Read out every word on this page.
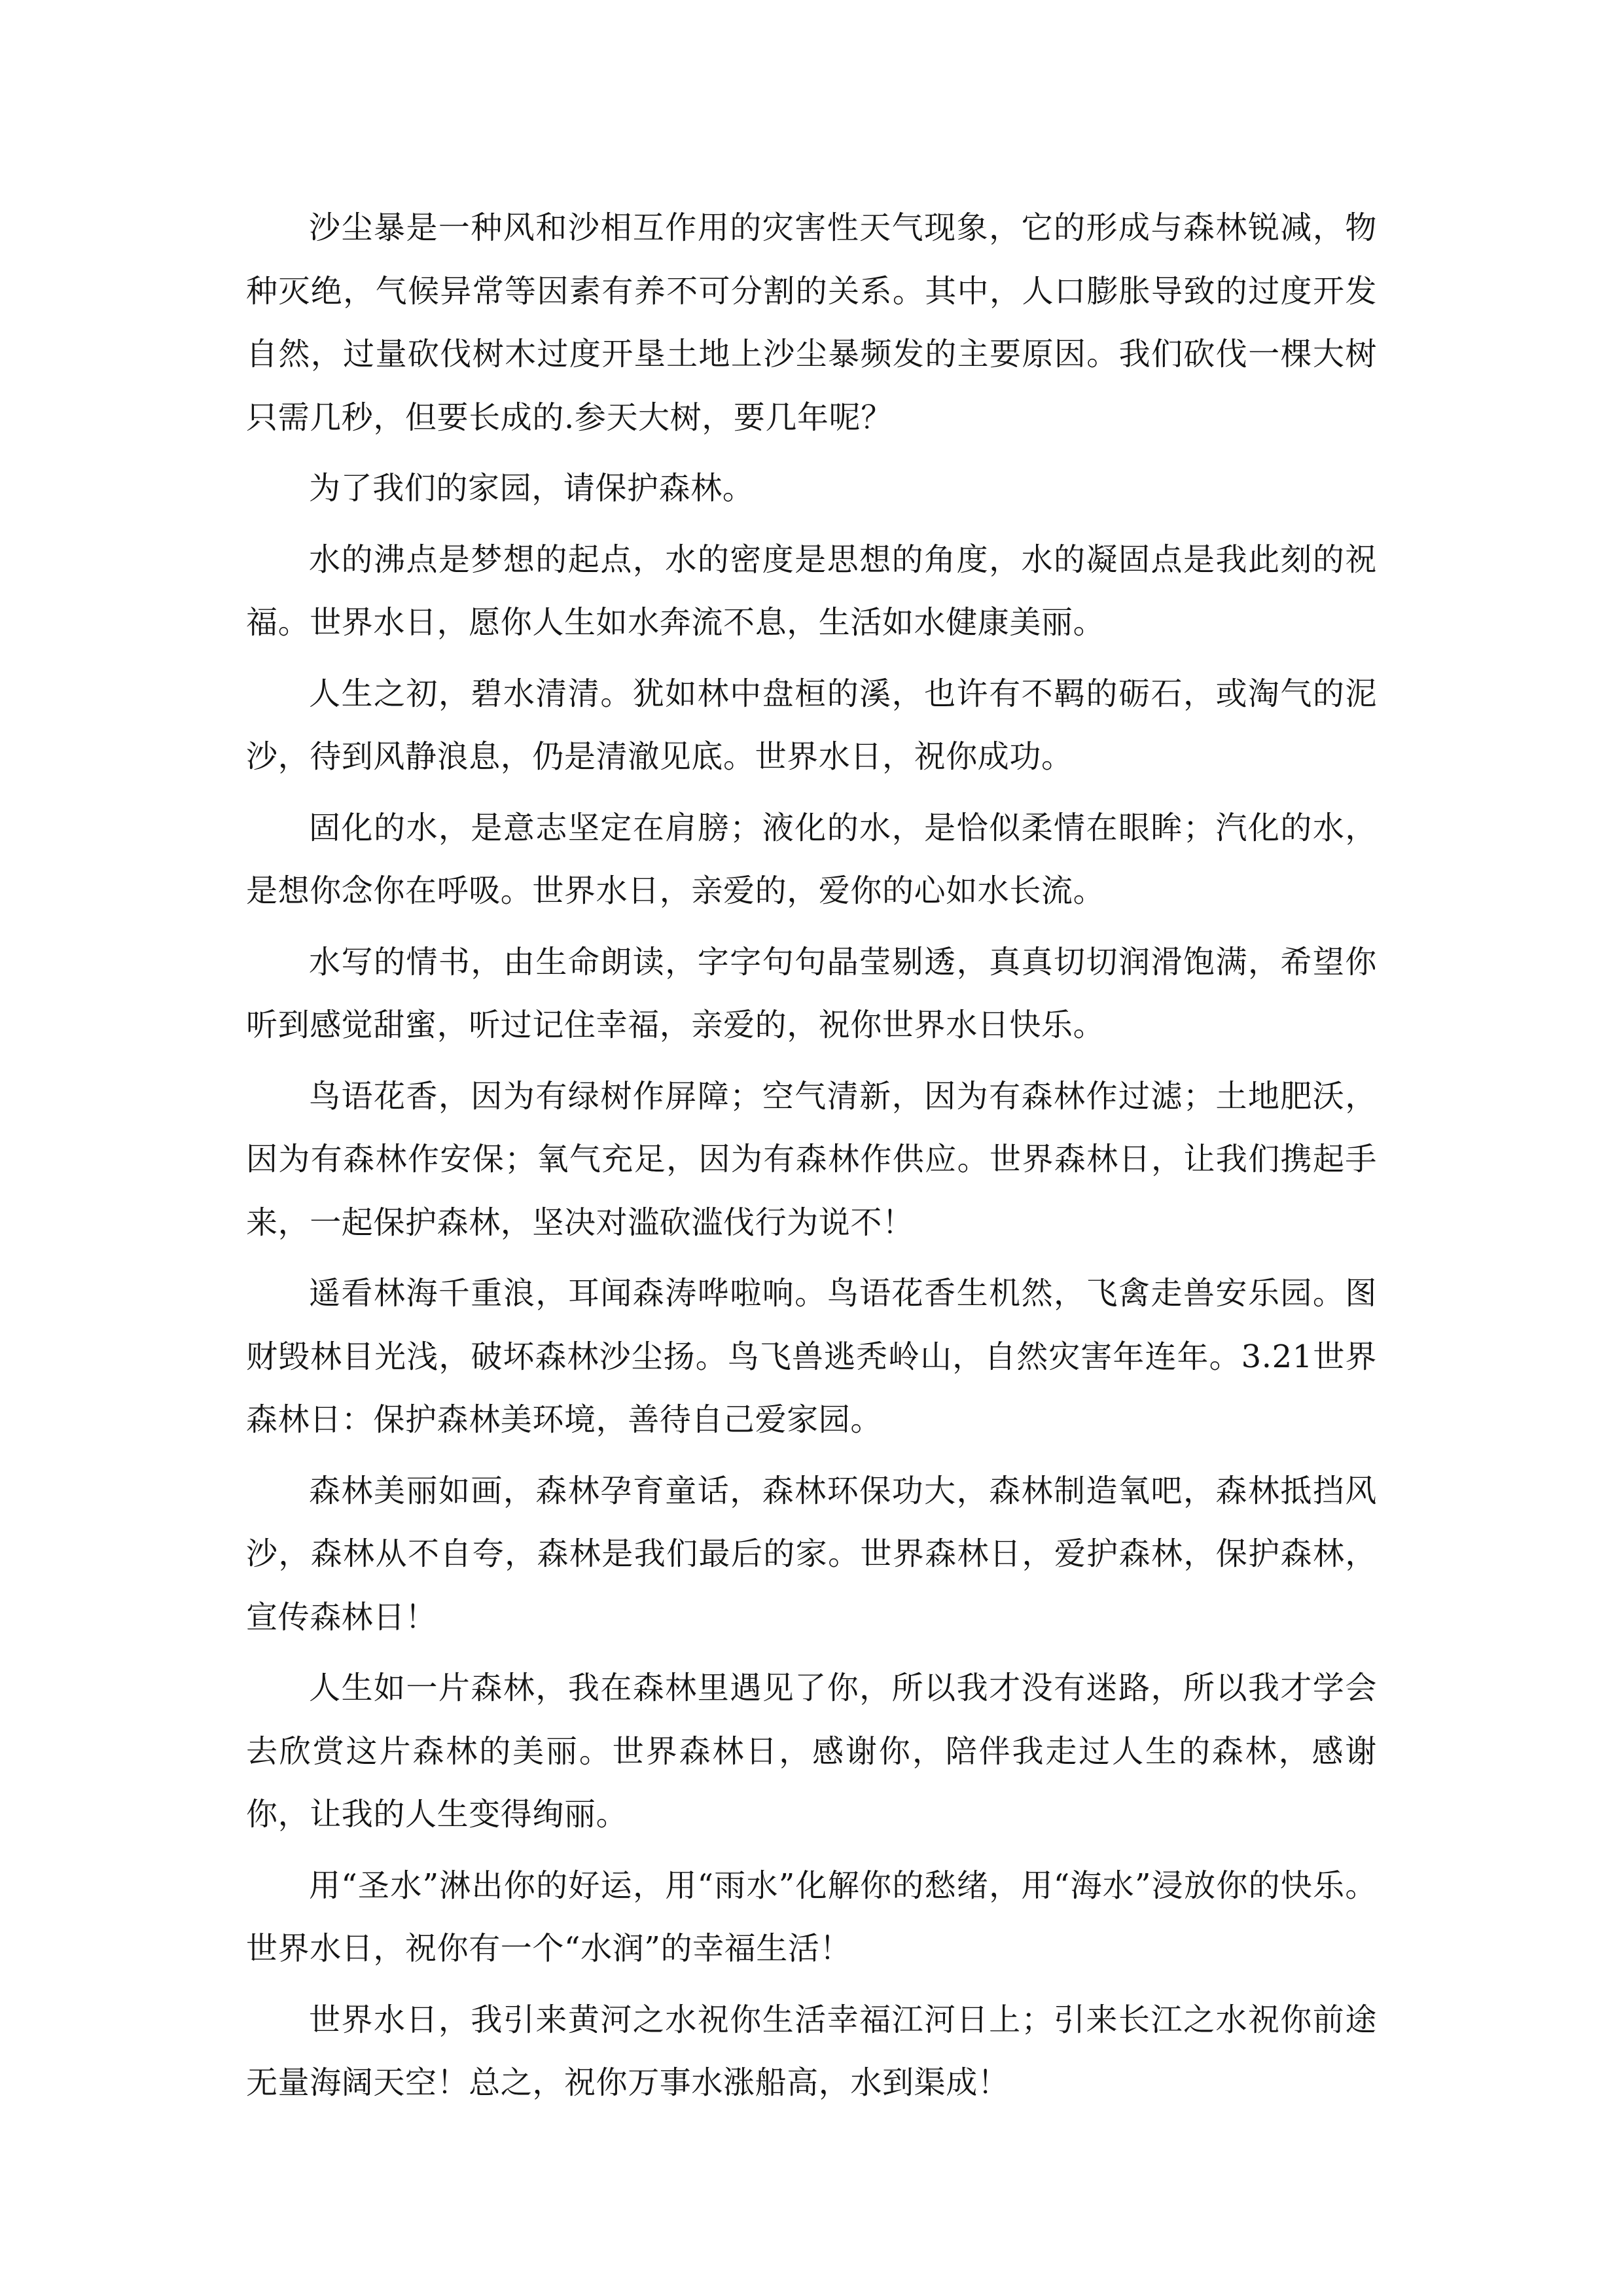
沙尘暴是一种风和沙相互作用的灾害性天气现象，它的形成与森林锐减，物种灭绝，气候异常等因素有养不可分割的关系。其中，人口膨胀导致的过度开发自然，过量砍伐树木过度开垦土地上沙尘暴频发的主要原因。我们砍伐一棵大树只需几秒，但要长成的.参天大树，要几年呢？

为了我们的家园，请保护森林。

水的沸点是梦想的起点，水的密度是思想的角度，水的凝固点是我此刻的祝福。世界水日，愿你人生如水奔流不息，生活如水健康美丽。

人生之初，碧水清清。犹如林中盘桓的溪，也许有不羁的砺石，或淘气的泥沙，待到风静浪息，仍是清澈见底。世界水日，祝你成功。

固化的水，是意志坚定在肩膀；液化的水，是恰似柔情在眼眸；汽化的水，是想你念你在呼吸。世界水日，亲爱的，爱你的心如水长流。

水写的情书，由生命朗读，字字句句晶莹剔透，真真切切润滑饱满，希望你听到感觉甜蜜，听过记住幸福，亲爱的，祝你世界水日快乐。

鸟语花香，因为有绿树作屏障；空气清新，因为有森林作过滤；土地肥沃，因为有森林作安保；氧气充足，因为有森林作供应。世界森林日，让我们携起手来，一起保护森林，坚决对滥砍滥伐行为说不！

遥看林海千重浪，耳闻森涛哗啦响。鸟语花香生机然，飞禽走兽安乐园。图财毁林目光浅，破坏森林沙尘扬。鸟飞兽逃秃岭山，自然灾害年连年。3.21世界森林日：保护森林美环境，善待自己爱家园。

森林美丽如画，森林孕育童话，森林环保功大，森林制造氧吧，森林抵挡风沙，森林从不自夸，森林是我们最后的家。世界森林日，爱护森林，保护森林，宣传森林日！

人生如一片森林，我在森林里遇见了你，所以我才没有迷路，所以我才学会去欣赏这片森林的美丽。世界森林日，感谢你，陪伴我走过人生的森林，感谢你，让我的人生变得绚丽。

用“圣水”淋出你的好运，用“雨水”化解你的愁绪，用“海水”浸放你的快乐。世界水日，祝你有一个“水润”的幸福生活！

世界水日，我引来黄河之水祝你生活幸福江河日上；引来长江之水祝你前途无量海阔天空！总之，祝你万事水涨船高，水到渠成！
